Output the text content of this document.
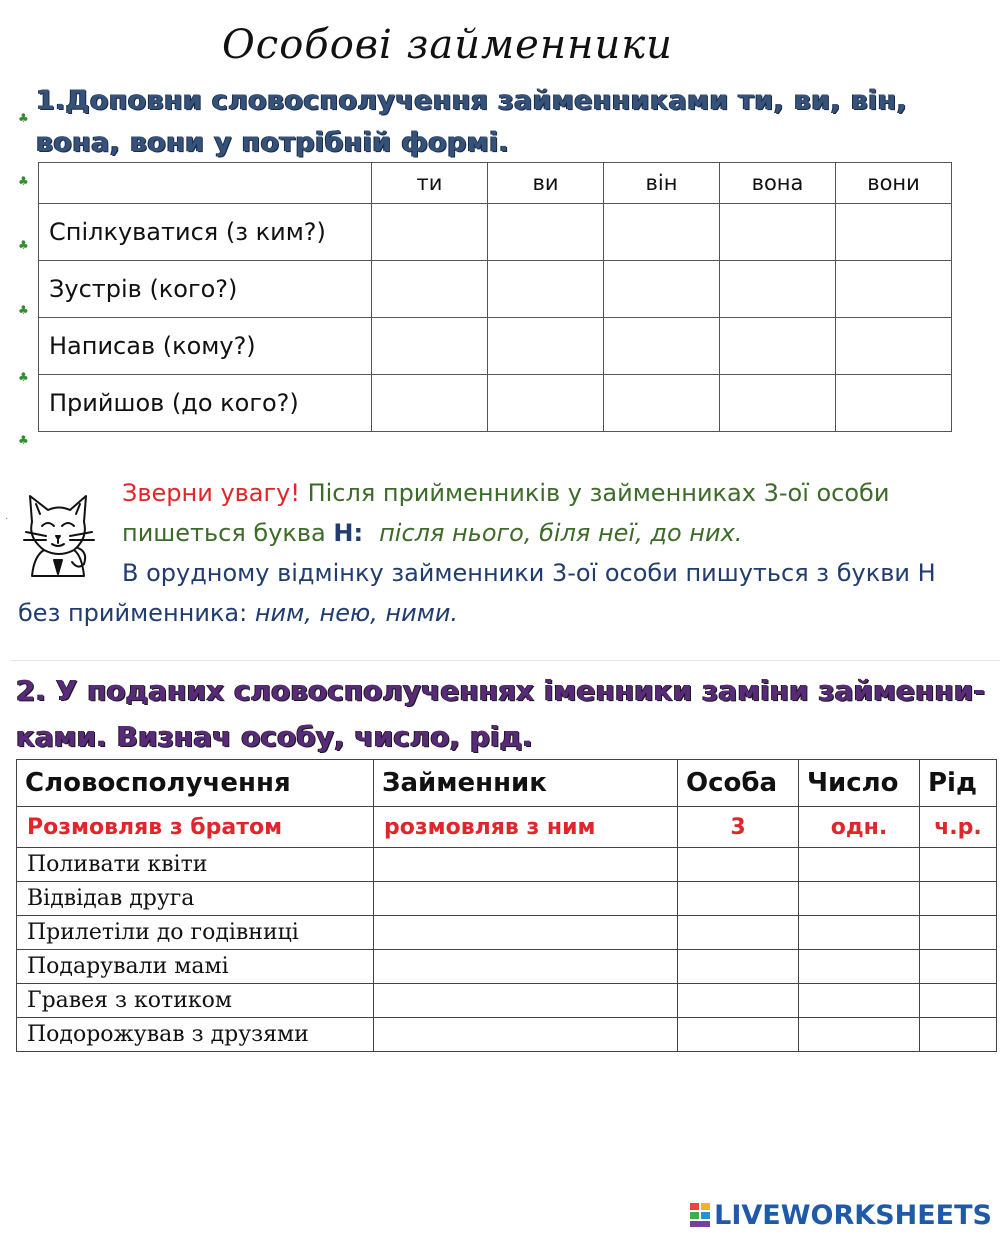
Особові займенники
♣
♣
♣
♣
♣
♣
1.Доповни словосполучення займенниками ти, ви, він, вона, вони у потрібній формі.
	ти	ви	він	вона	вони
Спілкуватися (з ким?)					
Зустрів (кого?)					
Написав (кому?)					
Прийшов (до кого?)					
·
Зверни увагу! Після прийменників у займенниках 3-ої особи
пишеться буква Н: після нього, біля неї, до них.
В орудному відмінку займенники 3-ої особи пишуться з букви Н
без прийменника: ним, нею, ними.
2. У поданих словосполученнях іменники заміни займенни-ками. Визнач особу, число, рід.
Словосполучення	Займенник	Особа	Число	Рід
Розмовляв з братом	розмовляв з ним	3	одн.	ч.р.
Поливати квіти				
Відвідав друга				
Прилетіли до годівниці				
Подарували мамі				
Гравея з котиком				
Подорожував з друзями				
LIVEWORKSHEETS
